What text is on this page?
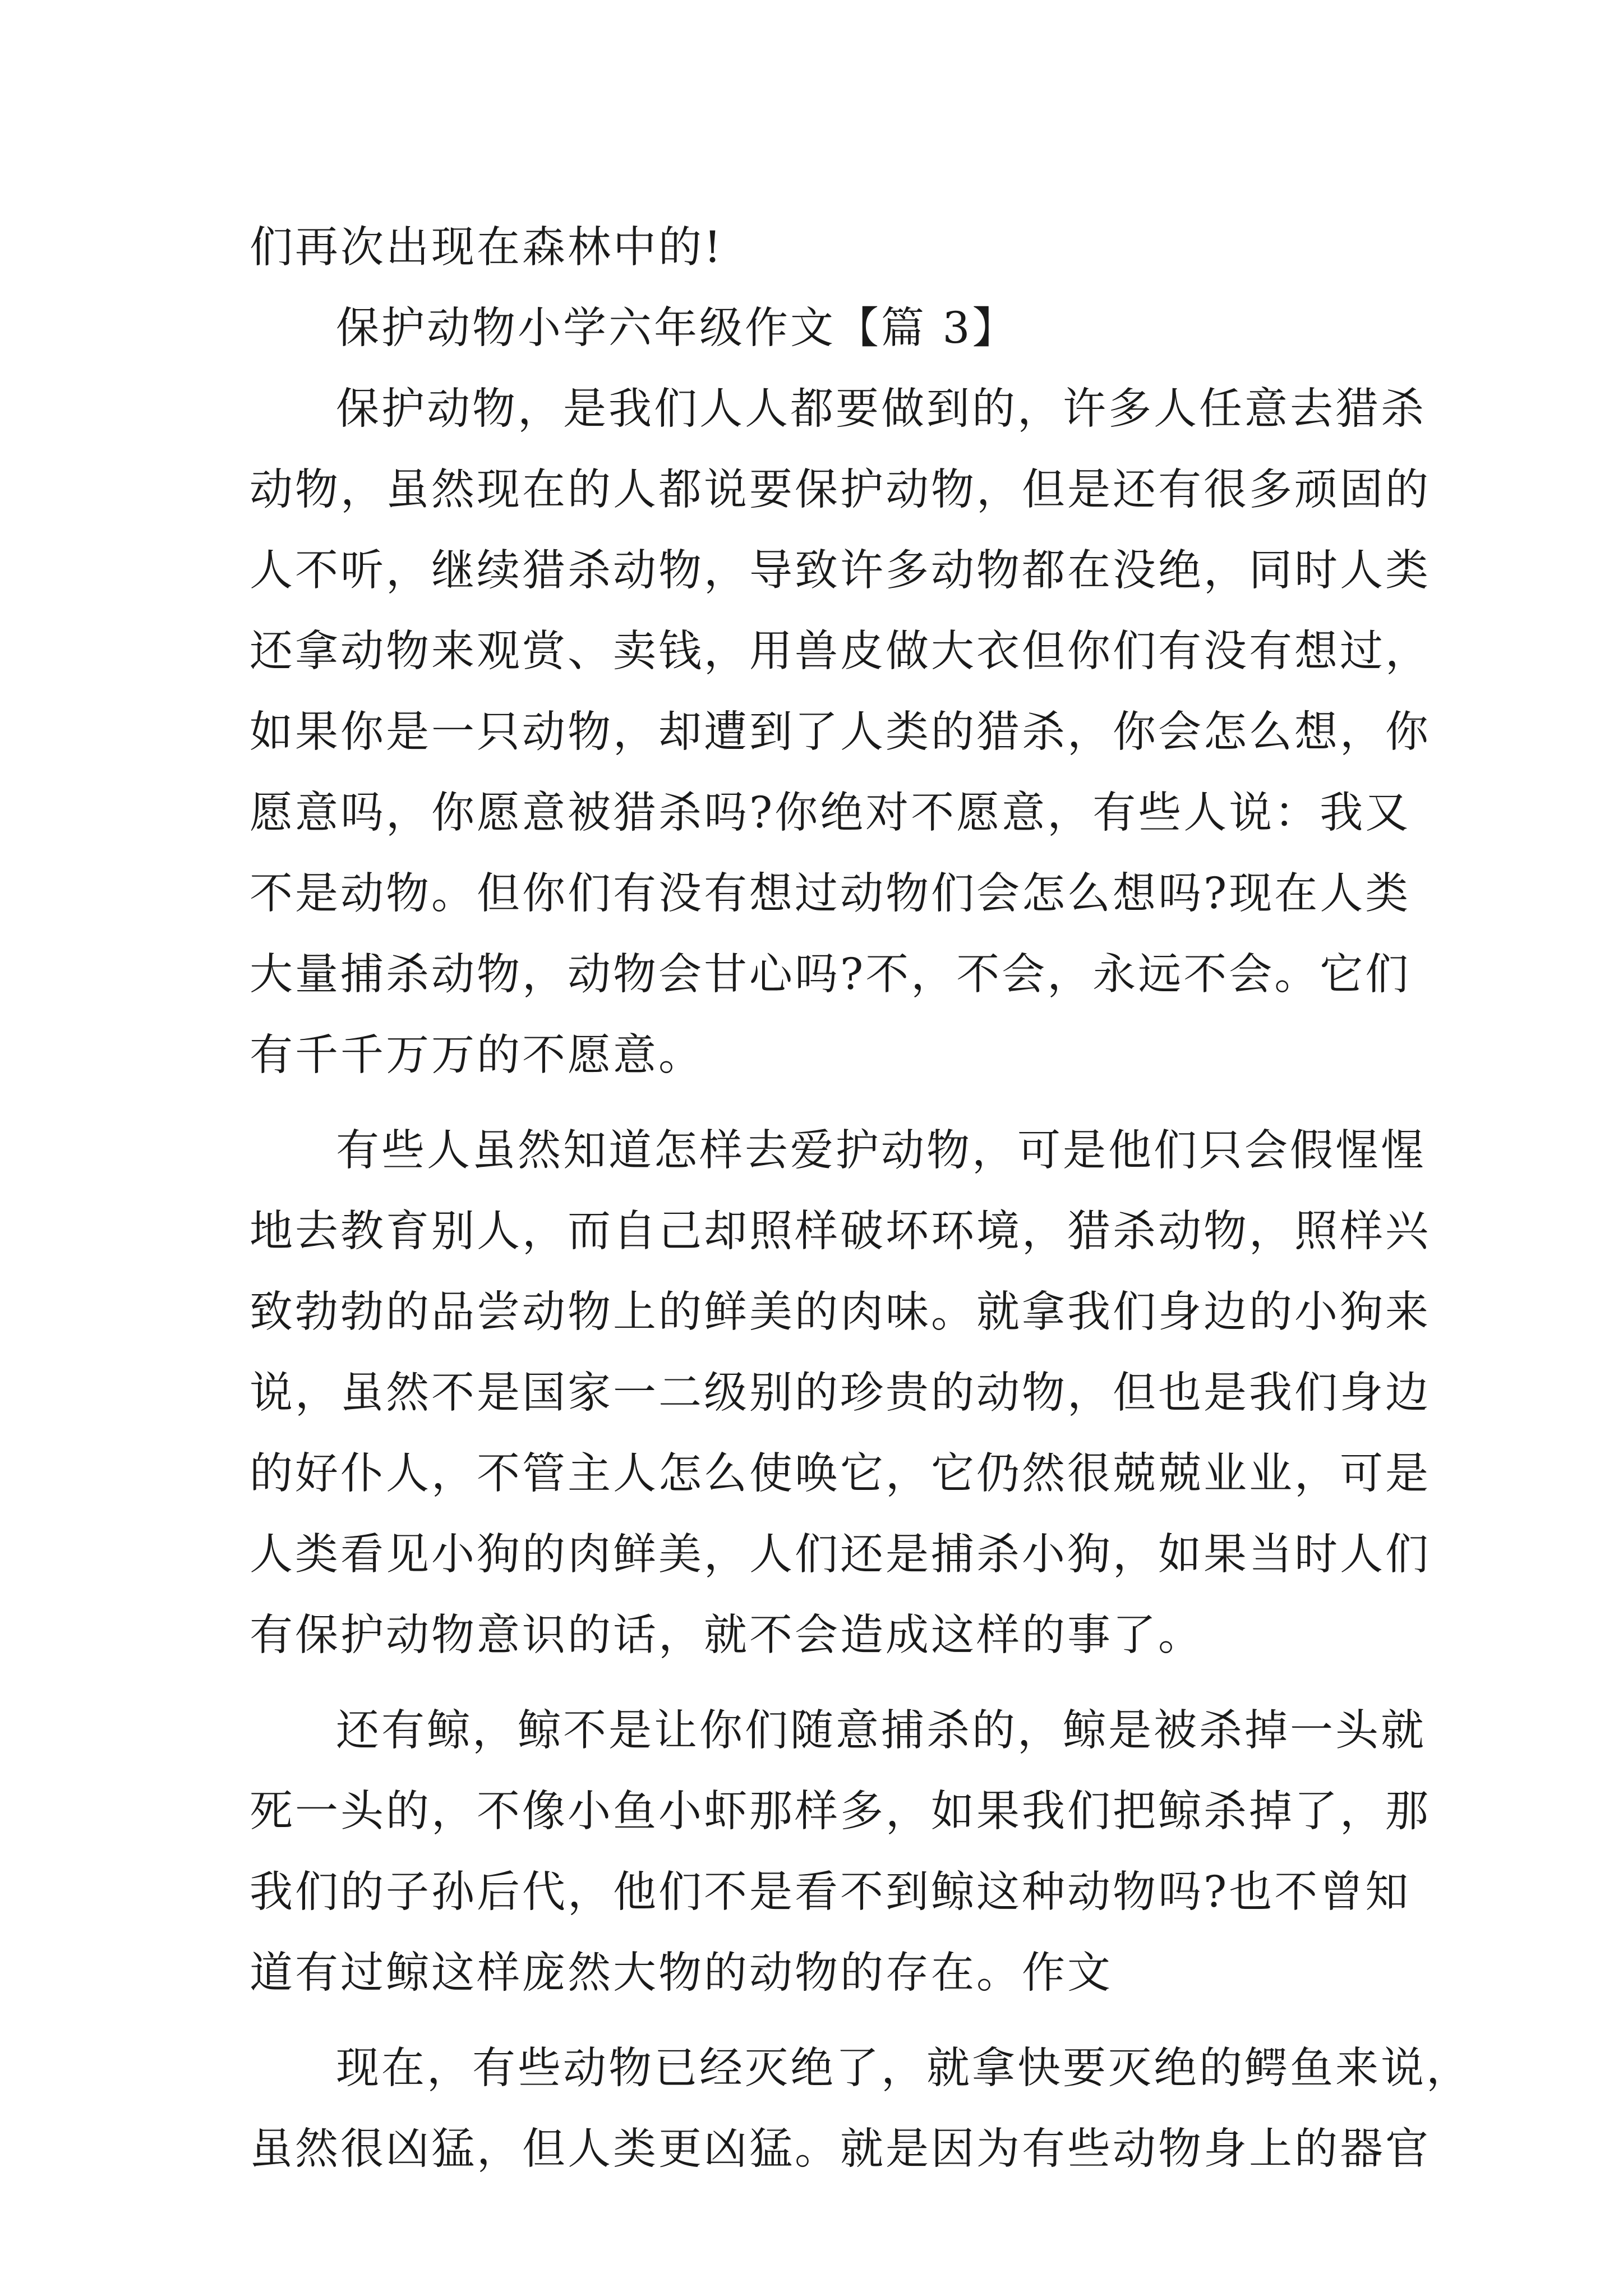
们再次出现在森林中的!
保护动物小学六年级作文【篇 3】
保护动物，是我们人人都要做到的，许多人任意去猎杀
动物，虽然现在的人都说要保护动物，但是还有很多顽固的
人不听，继续猎杀动物，导致许多动物都在没绝，同时人类
还拿动物来观赏、卖钱，用兽皮做大衣但你们有没有想过，
如果你是一只动物，却遭到了人类的猎杀，你会怎么想，你
愿意吗，你愿意被猎杀吗?你绝对不愿意，有些人说：我又
不是动物。但你们有没有想过动物们会怎么想吗?现在人类
大量捕杀动物，动物会甘心吗?不，不会，永远不会。它们
有千千万万的不愿意。
有些人虽然知道怎样去爱护动物，可是他们只会假惺惺
地去教育别人，而自己却照样破坏环境，猎杀动物，照样兴
致勃勃的品尝动物上的鲜美的肉味。就拿我们身边的小狗来
说，虽然不是国家一二级别的珍贵的动物，但也是我们身边
的好仆人，不管主人怎么使唤它，它仍然很兢兢业业，可是
人类看见小狗的肉鲜美，人们还是捕杀小狗，如果当时人们
有保护动物意识的话，就不会造成这样的事了。
还有鲸，鲸不是让你们随意捕杀的，鲸是被杀掉一头就
死一头的，不像小鱼小虾那样多，如果我们把鲸杀掉了，那
我们的子孙后代，他们不是看不到鲸这种动物吗?也不曾知
道有过鲸这样庞然大物的动物的存在。作文
现在，有些动物已经灭绝了，就拿快要灭绝的鳄鱼来说，
虽然很凶猛，但人类更凶猛。就是因为有些动物身上的器官
